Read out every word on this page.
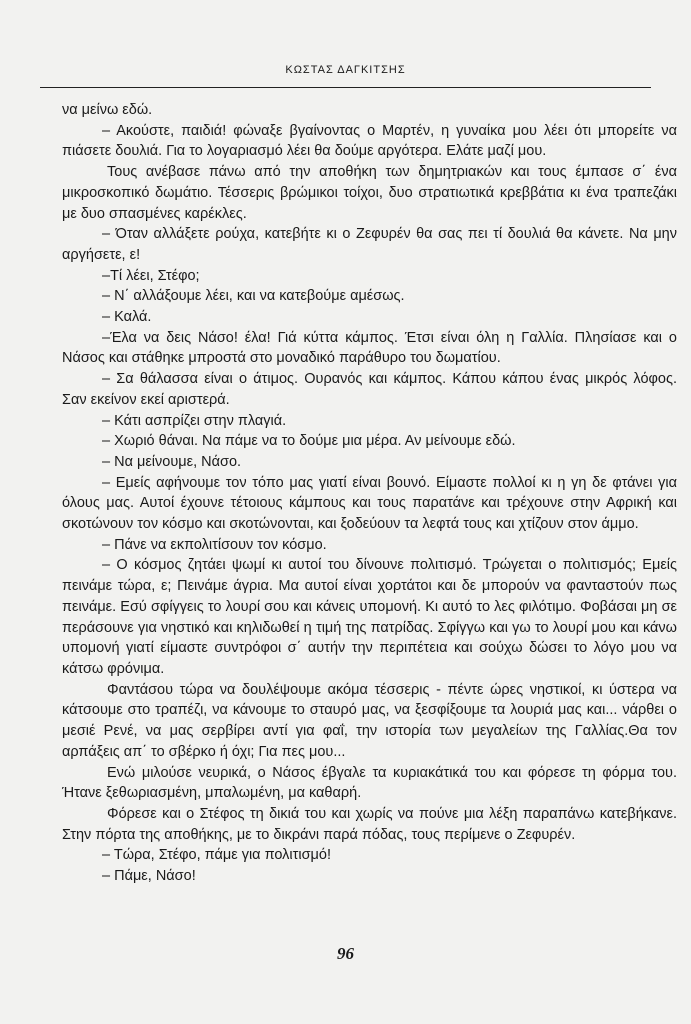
ΚΩΣΤΑΣ ΔΑΓΚΙΤΣΗΣ

να μείνω εδώ.

– Ακούστε, παιδιά! φώναξε βγαίνοντας ο Μαρτέν, η γυναίκα μου λέει ότι μπορείτε να πιάσετε δουλιά. Για το λογαριασμό λέει θα δούμε αργότερα. Ελάτε μαζί μου.

Τους ανέβασε πάνω από την αποθήκη των δημητριακών και τους έμπασε σ΄ ένα μικροσκοπικό δωμάτιο. Τέσσερις βρώμικοι τοίχοι, δυο στρατιωτικά κρεββάτια κι ένα τραπεζάκι με δυο σπασμένες καρέκλες.

– Όταν αλλάξετε ρούχα, κατεβήτε κι ο Ζεφυρέν θα σας πει τί δουλιά θα κάνετε. Να μην αργήσετε, ε!

–Τί λέει, Στέφο;

– Ν΄ αλλάξουμε λέει, και να κατεβούμε αμέσως.

– Καλά.

–Έλα να δεις Νάσο! έλα! Γιά κύττα κάμπος. Έτσι είναι όλη η Γαλλία. Πλησίασε και ο Νάσος και στάθηκε μπροστά στο μοναδικό παράθυρο του δωματίου.

– Σα θάλασσα είναι ο άτιμος. Ουρανός και κάμπος. Κάπου κάπου ένας μικρός λόφος. Σαν εκείνον εκεί αριστερά.

– Κάτι ασπρίζει στην πλαγιά.

– Χωριό θάναι. Να πάμε να το δούμε μια μέρα. Αν μείνουμε εδώ.

– Να μείνουμε, Νάσο.

– Εμείς αφήνουμε τον τόπο μας γιατί είναι βουνό. Είμαστε πολλοί κι η γη δε φτάνει για όλους μας. Αυτοί έχουνε τέτοιους κάμπους και τους παρατάνε και τρέχουνε στην Αφρική και σκοτώνουν τον κόσμο και σκοτώνονται, και ξοδεύουν τα λεφτά τους και χτίζουν στον άμμο.

– Πάνε να εκπολιτίσουν τον κόσμο.

– Ο κόσμος ζητάει ψωμί κι αυτοί του δίνουνε πολιτισμό. Τρώγεται ο πολιτισμός; Εμείς πεινάμε τώρα, ε; Πεινάμε άγρια. Μα αυτοί είναι χορτάτοι και δε μπορούν να φανταστούν πως πεινάμε. Εσύ σφίγγεις το λουρί σου και κάνεις υπομονή. Κι αυτό το λες φιλότιμο. Φοβάσαι μη σε περάσουνε για νηστικό και κηλιδωθεί η τιμή της πατρίδας. Σφίγγω και γω το λουρί μου και κάνω υπομονή γιατί είμαστε συντρόφοι σ΄ αυτήν την περιπέτεια και σούχω δώσει το λόγο μου να κάτσω φρόνιμα.

Φαντάσου τώρα να δουλέψουμε ακόμα τέσσερις - πέντε ώρες νηστικοί, κι ύστερα να κάτσουμε στο τραπέζι, να κάνουμε το σταυρό μας, να ξεσφίξουμε τα λουριά μας και... νάρθει ο μεσιέ Ρενέ, να μας σερβίρει αντί για φαΐ, την ιστορία των μεγαλείων της Γαλλίας.Θα τον αρπάξεις απ΄ το σβέρκο ή όχι; Για πες μου...

Ενώ μιλούσε νευρικά, ο Νάσος έβγαλε τα κυριακάτικά του και φόρεσε τη φόρμα του. Ήτανε ξεθωριασμένη, μπαλωμένη, μα καθαρή.

Φόρεσε και ο Στέφος τη δικιά του και χωρίς να πούνε μια λέξη παραπάνω κατεβήκανε. Στην πόρτα της αποθήκης, με το δικράνι παρά πόδας, τους περίμενε ο Ζεφυρέν.

– Τώρα, Στέφο, πάμε για πολιτισμό!

– Πάμε, Νάσο!

96
